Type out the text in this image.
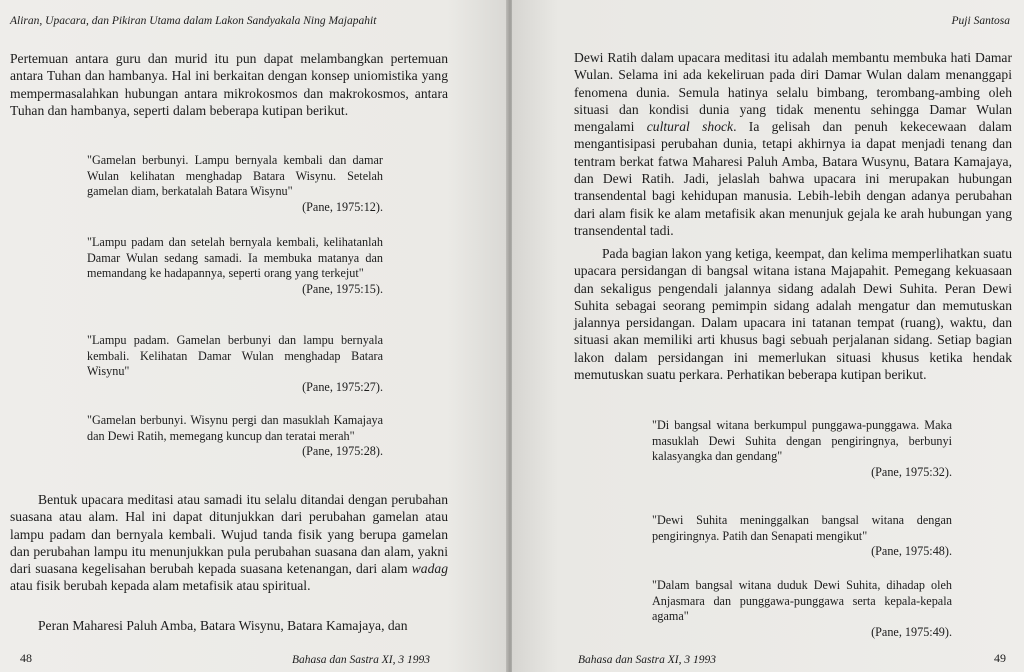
Aliran, Upacara, dan Pikiran Utama dalam Lakon Sandyakala Ning Majapahit

Pertemuan antara guru dan murid itu pun dapat melambangkan pertemuan antara Tuhan dan hambanya. Hal ini berkaitan dengan konsep uniomistika yang mempermasalahkan hubungan antara mikrokosmos dan makrokosmos, antara Tuhan dan hambanya, seperti dalam beberapa kutipan berikut.

"Gamelan berbunyi. Lampu bernyala kembali dan damar Wulan kelihatan menghadap Batara Wisynu. Setelah gamelan diam, berkatalah Batara Wisynu"

(Pane, 1975:12).

"Lampu padam dan setelah bernyala kembali, kelihatanlah Damar Wulan sedang samadi. Ia membuka matanya dan memandang ke hadapannya, seperti orang yang terkejut"

(Pane, 1975:15).

"Lampu padam. Gamelan berbunyi dan lampu bernyala kembali. Kelihatan Damar Wulan menghadap Batara Wisynu"

(Pane, 1975:27).

"Gamelan berbunyi. Wisynu pergi dan masuklah Kamajaya dan Dewi Ratih, memegang kuncup dan teratai merah"

(Pane, 1975:28).

Bentuk upacara meditasi atau samadi itu selalu ditandai dengan perubahan suasana atau alam. Hal ini dapat ditunjukkan dari perubahan gamelan atau lampu padam dan bernyala kembali. Wujud tanda fisik yang berupa gamelan dan perubahan lampu itu menunjukkan pula perubahan suasana dan alam, yakni dari suasana kegelisahan berubah kepada suasana ketenangan, dari alam wadag atau fisik berubah kepada alam metafisik atau spiritual.

Peran Maharesi Paluh Amba, Batara Wisynu, Batara Kamajaya, dan

48	Bahasa dan Sastra XI, 3 1993
Puji Santosa

Dewi Ratih dalam upacara meditasi itu adalah membantu membuka hati Damar Wulan. Selama ini ada kekeliruan pada diri Damar Wulan dalam menanggapi fenomena dunia. Semula hatinya selalu bimbang, terombang-ambing oleh situasi dan kondisi dunia yang tidak menentu sehingga Damar Wulan mengalami cultural shock. Ia gelisah dan penuh kekecewaan dalam mengantisipasi perubahan dunia, tetapi akhirnya ia dapat menjadi tenang dan tentram berkat fatwa Maharesi Paluh Amba, Batara Wusynu, Batara Kamajaya, dan Dewi Ratih. Jadi, jelaslah bahwa upacara ini merupakan hubungan transendental bagi kehidupan manusia. Lebih-lebih dengan adanya perubahan dari alam fisik ke alam metafisik akan menunjuk gejala ke arah hubungan yang transendental tadi.

Pada bagian lakon yang ketiga, keempat, dan kelima memperlihatkan suatu upacara persidangan di bangsal witana istana Majapahit. Pemegang kekuasaan dan sekaligus pengendali jalannya sidang adalah Dewi Suhita. Peran Dewi Suhita sebagai seorang pemimpin sidang adalah mengatur dan memutuskan jalannya persidangan. Dalam upacara ini tatanan tempat (ruang), waktu, dan situasi akan memiliki arti khusus bagi sebuah perjalanan sidang. Setiap bagian lakon dalam persidangan ini memerlukan situasi khusus ketika hendak memutuskan suatu perkara. Perhatikan beberapa kutipan berikut.

"Di bangsal witana berkumpul punggawa-punggawa. Maka masuklah Dewi Suhita dengan pengiringnya, berbunyi kalasyangka dan gendang"

(Pane, 1975:32).

"Dewi Suhita meninggalkan bangsal witana dengan pengiringnya. Patih dan Senapati mengikut"

(Pane, 1975:48).

"Dalam bangsal witana duduk Dewi Suhita, dihadap oleh Anjasmara dan punggawa-punggawa serta kepala-kepala agama"

(Pane, 1975:49).

Bahasa dan Sastra XI, 3 1993	49
